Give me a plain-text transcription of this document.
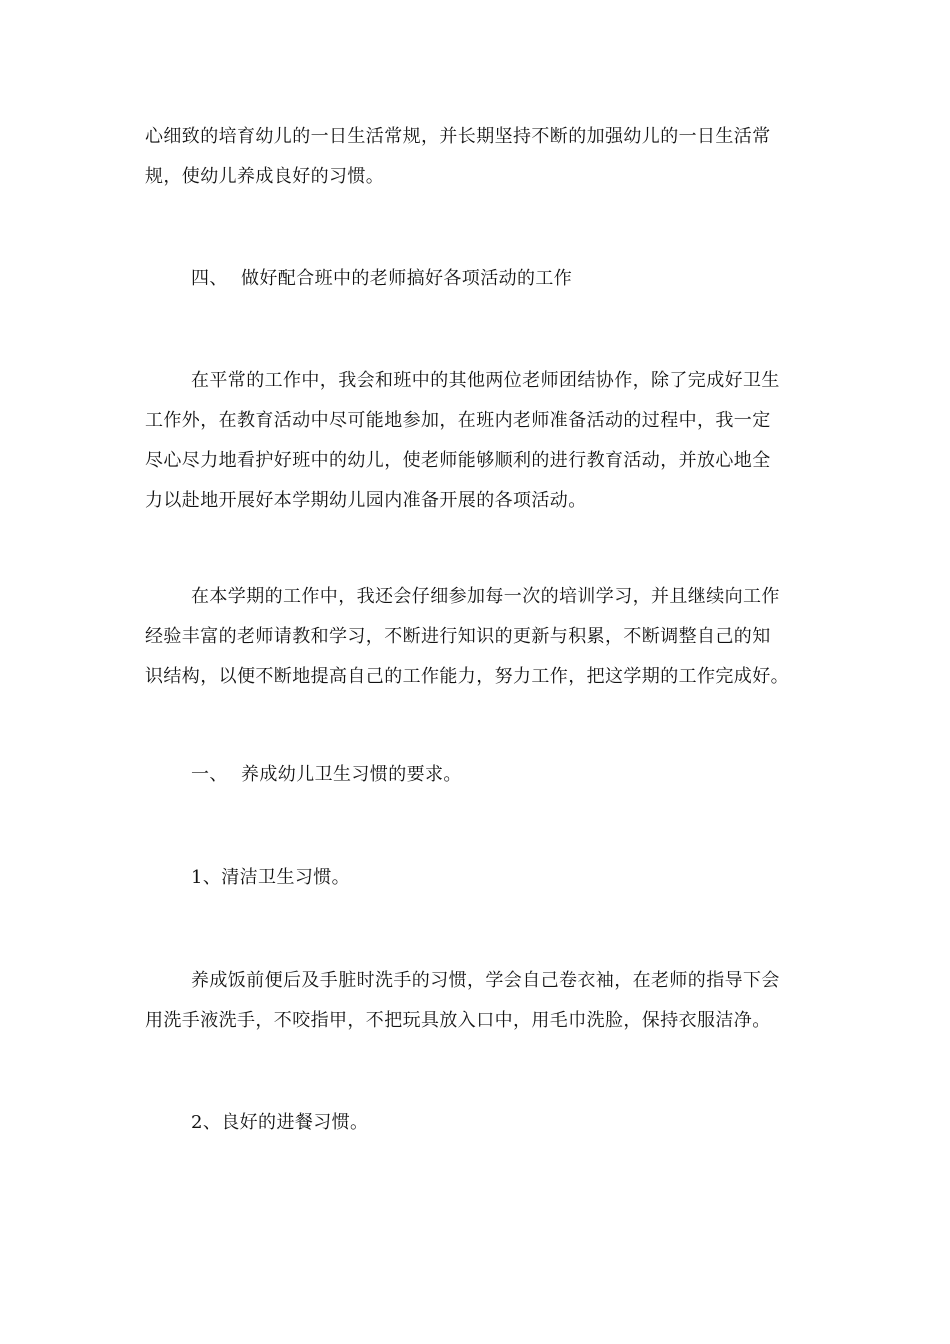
心细致的培育幼儿的一日生活常规，并长期坚持不断的加强幼儿的一日生活常
规，使幼儿养成良好的习惯。
四、 做好配合班中的老师搞好各项活动的工作
在平常的工作中，我会和班中的其他两位老师团结协作，除了完成好卫生
工作外，在教育活动中尽可能地参加，在班内老师准备活动的过程中，我一定
尽心尽力地看护好班中的幼儿，使老师能够顺利的进行教育活动，并放心地全
力以赴地开展好本学期幼儿园内准备开展的各项活动。
在本学期的工作中，我还会仔细参加每一次的培训学习，并且继续向工作
经验丰富的老师请教和学习，不断进行知识的更新与积累，不断调整自己的知
识结构，以便不断地提高自己的工作能力，努力工作，把这学期的工作完成好。
一、 养成幼儿卫生习惯的要求。
1、清洁卫生习惯。
养成饭前便后及手脏时洗手的习惯，学会自己卷衣袖，在老师的指导下会
用洗手液洗手，不咬指甲，不把玩具放入口中，用毛巾洗脸，保持衣服洁净。
2、良好的进餐习惯。
